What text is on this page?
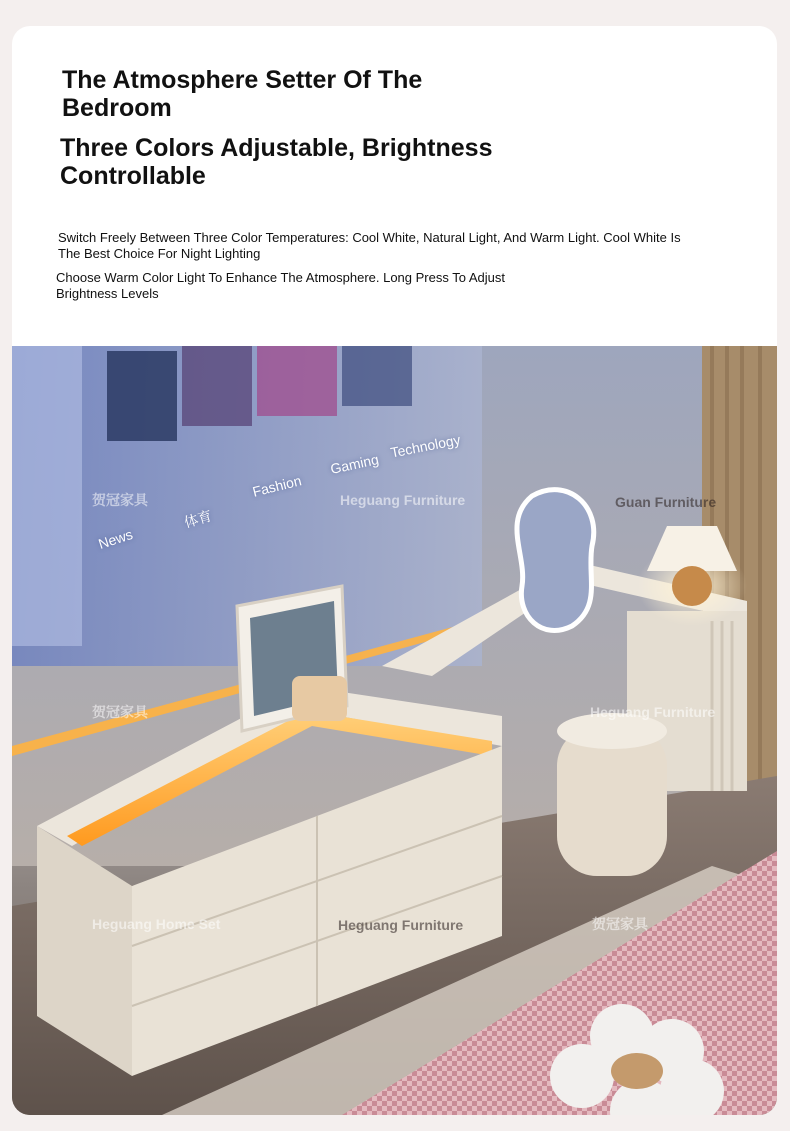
The Atmosphere Setter Of The Bedroom
Three Colors Adjustable, Brightness Controllable

Switch Freely Between Three Color Temperatures: Cool White, Natural Light, And Warm Light. Cool White Is The Best Choice For Night Lighting

Choose Warm Color Light To Enhance The Atmosphere. Long Press To Adjust Brightness Levels

News
体育
Fashion
Gaming
Technology
贺冠家具	Heguang Furniture	Guan Furniture
贺冠家具	Heguang Furniture
Heguang Home Set	Heguang Furniture	贺冠家具
